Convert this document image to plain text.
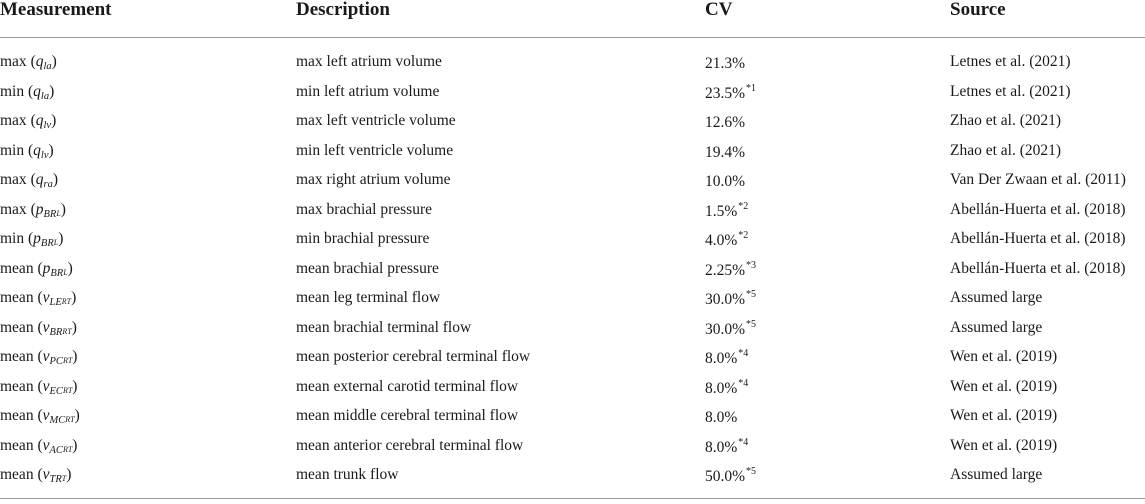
Measurement	Description	CV	Source
max (qla)	max left atrium volume	21.3%	Letnes et al. (2021)
min (qla)	min left atrium volume	23.5%$^{*1}$	Letnes et al. (2021)
max (qlv)	max left ventricle volume	12.6%	Zhao et al. (2021)
min (qlv)	min left ventricle volume	19.4%	Zhao et al. (2021)
max (qra)	max right atrium volume	10.0%	Van Der Zwaan et al. (2011)
max (pBRL)	max brachial pressure	1.5%$^{*2}$	Abellán-Huerta et al. (2018)
min (pBRL)	min brachial pressure	4.0%$^{*2}$	Abellán-Huerta et al. (2018)
mean (pBRL)	mean brachial pressure	2.25%$^{*3}$	Abellán-Huerta et al. (2018)
mean (vLERT)	mean leg terminal flow	30.0%$^{*5}$	Assumed large
mean (vBRRT)	mean brachial terminal flow	30.0%$^{*5}$	Assumed large
mean (vPCRT)	mean posterior cerebral terminal flow	8.0%$^{*4}$	Wen et al. (2019)
mean (vECRT)	mean external carotid terminal flow	8.0%$^{*4}$	Wen et al. (2019)
mean (vMCRT)	mean middle cerebral terminal flow	8.0%	Wen et al. (2019)
mean (vACRT)	mean anterior cerebral terminal flow	8.0%$^{*4}$	Wen et al. (2019)
mean (vTRT)	mean trunk flow	50.0%$^{*5}$	Assumed large
